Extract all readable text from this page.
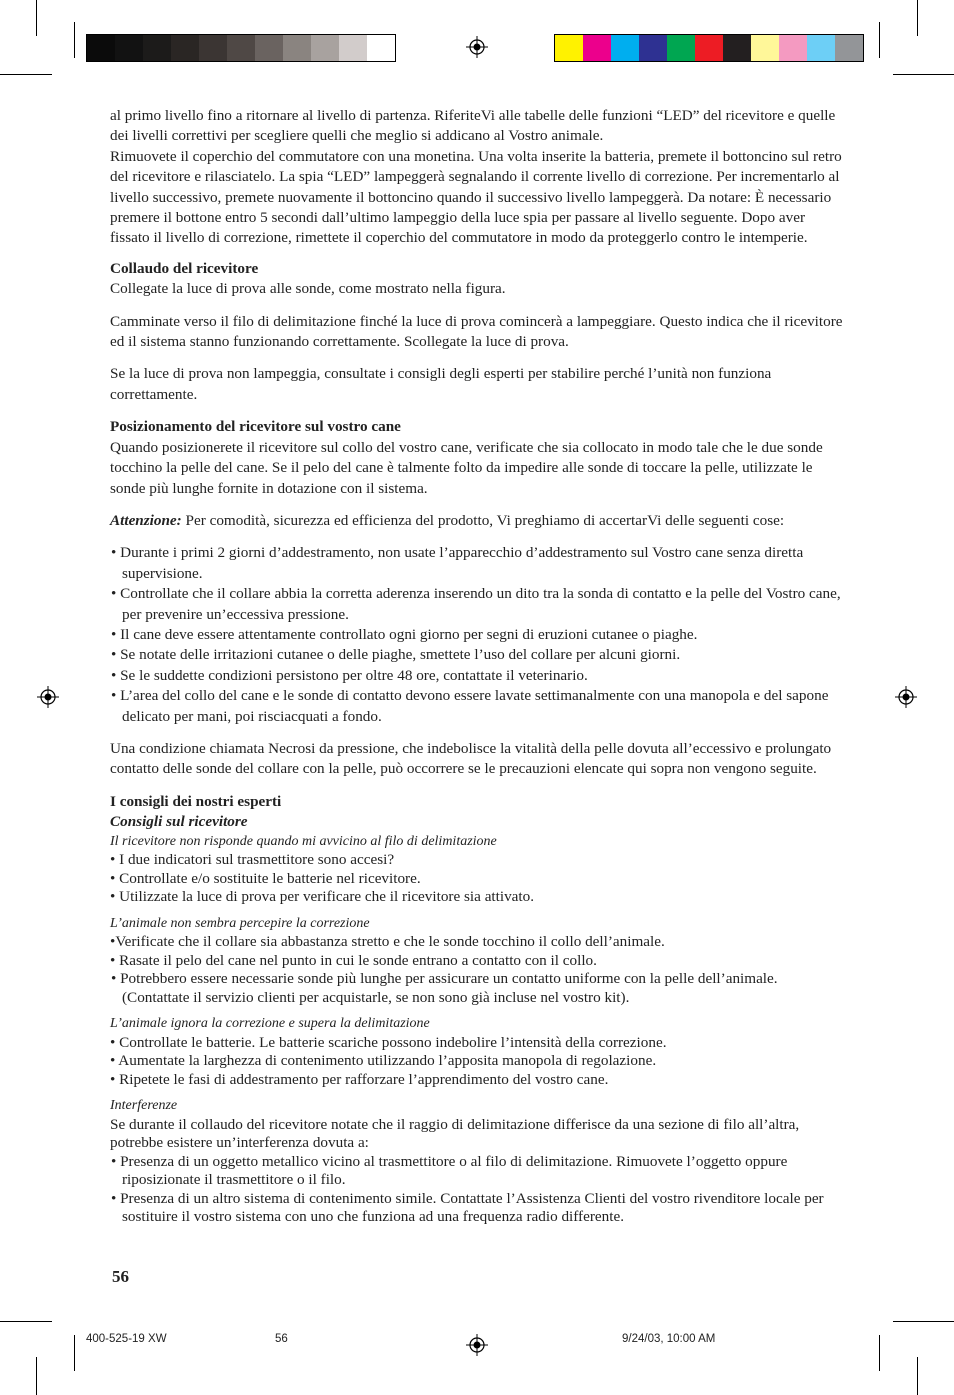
al primo livello fino a ritornare al livello di partenza. RiferiteVi alle tabelle delle funzioni “LED” del ricevitore e quelle dei livelli correttivi per scegliere quelli che meglio si addicano al Vostro animale.

Rimuovete il coperchio del commutatore con una monetina. Una volta inserite la batteria, premete il bottoncino sul retro del ricevitore e rilasciatelo. La spia “LED” lampeggerà segnalando il corrente livello di correzione. Per incrementarlo al livello successivo, premete nuovamente il bottoncino quando il successivo livello lampeggerà. Da notare: È necessario premere il bottone entro 5 secondi dall’ultimo lampeggio della luce spia per passare al livello seguente. Dopo aver fissato il livello di correzione, rimettete il coperchio del commutatore in modo da proteggerlo contro le intemperie.

Collaudo del ricevitore

Collegate la luce di prova alle sonde, come mostrato nella figura.

Camminate verso il filo di delimitazione finché la luce di prova comincerà a lampeggiare. Questo indica che il ricevitore ed il sistema stanno funzionando correttamente. Scollegate la luce di prova.

Se la luce di prova non lampeggia, consultate i consigli degli esperti per stabilire perché l’unità non funziona correttamente.

Posizionamento del ricevitore sul vostro cane

Quando posizionerete il ricevitore sul collo del vostro cane, verificate che sia collocato in modo tale che le due sonde tocchino la pelle del cane. Se il pelo del cane è talmente folto da impedire alle sonde di toccare la pelle, utilizzate le sonde più lunghe fornite in dotazione con il sistema.

Attenzione: Per comodità, sicurezza ed efficienza del prodotto, Vi preghiamo di accertarVi delle seguenti cose:

• Durante i primi 2 giorni d’addestramento, non usate l’apparecchio d’addestramento sul Vostro cane senza diretta supervisione.

• Controllate che il collare abbia la corretta aderenza inserendo un dito tra la sonda di contatto e la pelle del Vostro cane, per prevenire un’eccessiva pressione.

• Il cane deve essere attentamente controllato ogni giorno per segni di eruzioni cutanee o piaghe.

• Se notate delle irritazioni cutanee o delle piaghe, smettete l’uso del collare per alcuni giorni.

• Se le suddette condizioni persistono per oltre 48 ore, contattate il veterinario.

• L’area del collo del cane e le sonde di contatto devono essere lavate settimanalmente con una manopola e del sapone delicato per mani, poi risciacquati a fondo.

Una condizione chiamata Necrosi da pressione, che indebolisce la vitalità della pelle dovuta all’eccessivo e prolungato contatto delle sonde del collare con la pelle, può occorrere se le precauzioni elencate qui sopra non vengono seguite.

I consigli dei nostri esperti

Consigli sul ricevitore

Il ricevitore non risponde quando mi avvicino al filo di delimitazione

• I due indicatori sul trasmettitore sono accesi?

• Controllate e/o sostituite le batterie nel ricevitore.

• Utilizzate la luce di prova per verificare che il ricevitore sia attivato.

L’animale non sembra percepire la correzione

•Verificate che il collare sia abbastanza stretto e che le sonde tocchino il collo dell’animale.

• Rasate il pelo del cane nel punto in cui le sonde entrano a contatto con il collo.

• Potrebbero essere necessarie sonde più lunghe per assicurare un contatto uniforme con la pelle dell’animale. (Contattate il servizio clienti per acquistarle, se non sono già incluse nel vostro kit).

L’animale ignora la correzione e supera la delimitazione

• Controllate le batterie. Le batterie scariche possono indebolire l’intensità della correzione.

• Aumentate la larghezza di contenimento utilizzando l’apposita manopola di regolazione.

• Ripetete le fasi di addestramento per rafforzare l’apprendimento del vostro cane.

Interferenze

Se durante il collaudo del ricevitore notate che il raggio di delimitazione differisce da una sezione di filo all’altra, potrebbe esistere un’interferenza dovuta a:

• Presenza di un oggetto metallico vicino al trasmettitore o al filo di delimitazione. Rimuovete l’oggetto oppure riposizionate il trasmettitore o il filo.

• Presenza di un altro sistema di contenimento simile. Contattate l’Assistenza Clienti del vostro rivenditore locale per sostituire il vostro sistema con uno che funziona ad una frequenza radio differente.

56
400-525-19 XW	56	9/24/03, 10:00 AM
